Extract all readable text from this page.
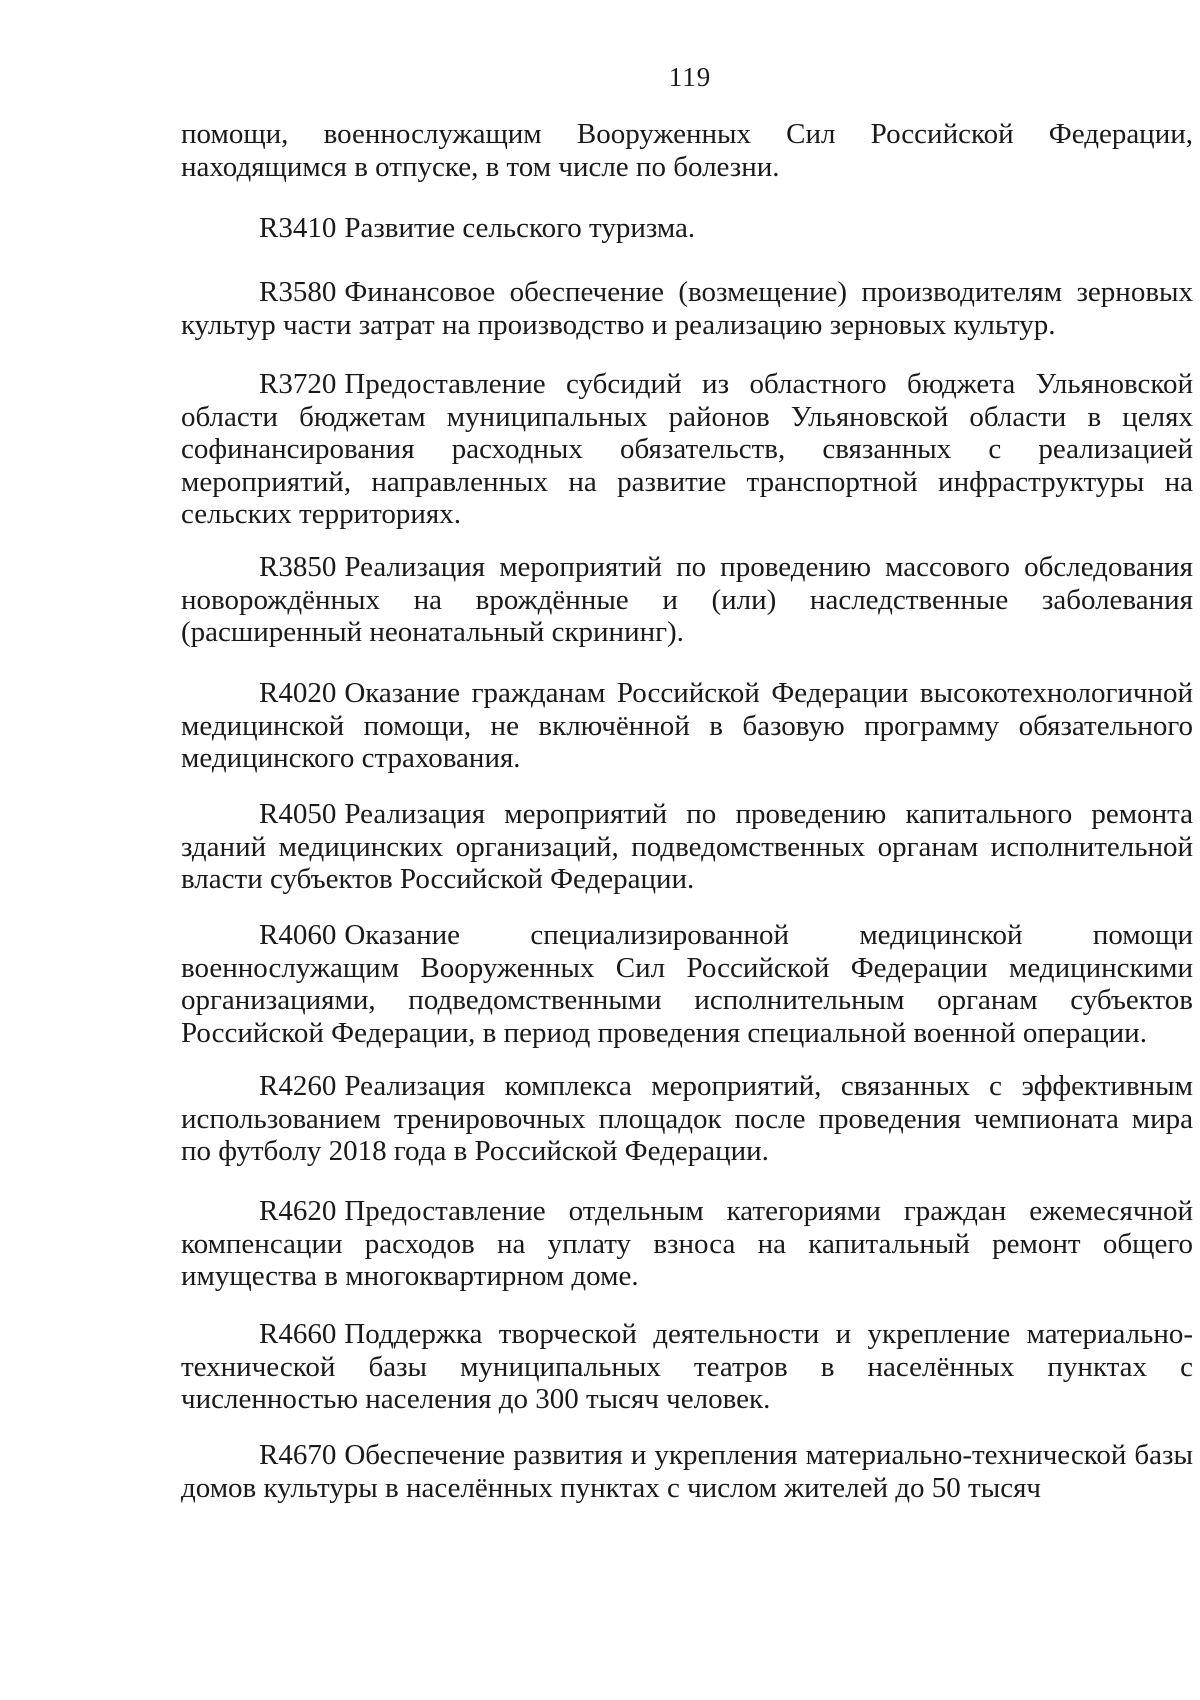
119

помощи, военнослужащим Вооруженных Сил Российской Федерации, находящимся в отпуске, в том числе по болезни.

R3410 Развитие сельского туризма.

R3580 Финансовое обеспечение (возмещение) производителям зерновых культур части затрат на производство и реализацию зерновых культур.

R3720 Предоставление субсидий из областного бюджета Ульяновской области бюджетам муниципальных районов Ульяновской области в целях софинансирования расходных обязательств, связанных с реализацией мероприятий, направленных на развитие транспортной инфраструктуры на сельских территориях.

R3850 Реализация мероприятий по проведению массового обследования новорождённых на врождённые и (или) наследственные заболевания (расширенный неонатальный скрининг).

R4020 Оказание гражданам Российской Федерации высокотехнологичной медицинской помощи, не включённой в базовую программу обязательного медицинского страхования.

R4050 Реализация мероприятий по проведению капитального ремонта зданий медицинских организаций, подведомственных органам исполнительной власти субъектов Российской Федерации.

R4060 Оказание специализированной медицинской помощи военнослужащим Вооруженных Сил Российской Федерации медицинскими организациями, подведомственными исполнительным органам субъектов Российской Федерации, в период проведения специальной военной операции.

R4260 Реализация комплекса мероприятий, связанных с эффективным использованием тренировочных площадок после проведения чемпионата мира по футболу 2018 года в Российской Федерации.

R4620 Предоставление отдельным категориями граждан ежемесячной компенсации расходов на уплату взноса на капитальный ремонт общего имущества в многоквартирном доме.

R4660 Поддержка творческой деятельности и укрепление материально-технической базы муниципальных театров в населённых пунктах с численностью населения до 300 тысяч человек.

R4670 Обеспечение развития и укрепления материально-технической базы домов культуры в населённых пунктах с числом жителей до 50 тысяч
